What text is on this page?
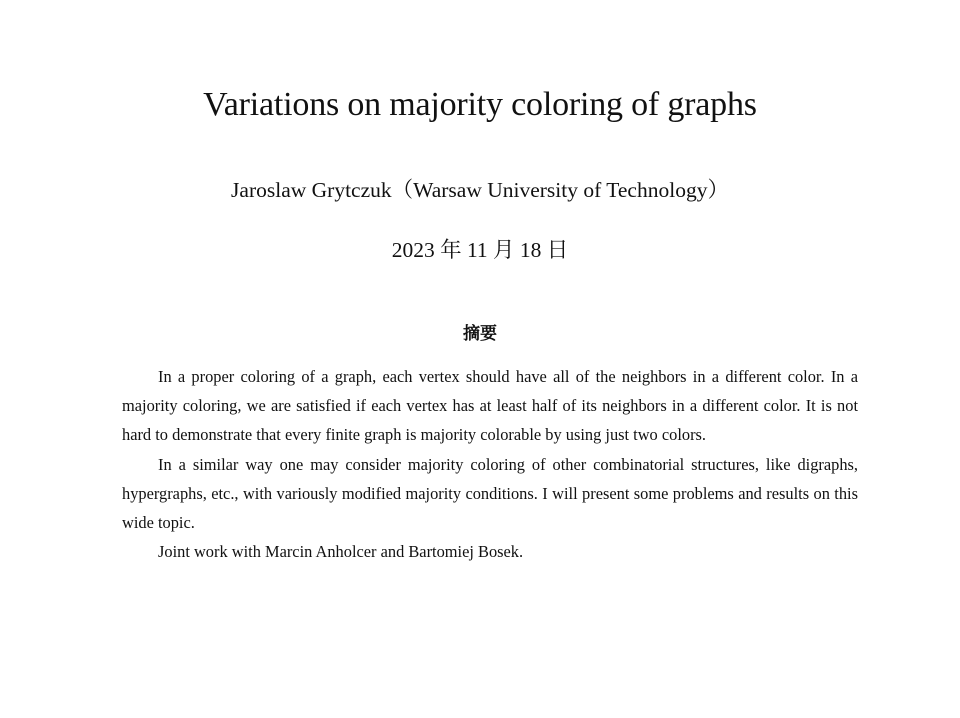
Variations on majority coloring of graphs
Jaroslaw Grytczuk（Warsaw University of Technology）
2023 年 11 月 18 日
摘要

In a proper coloring of a graph, each vertex should have all of the neighbors in a different color. In a majority coloring, we are satisfied if each vertex has at least half of its neighbors in a different color. It is not hard to demonstrate that every finite graph is majority colorable by using just two colors.

In a similar way one may consider majority coloring of other combinatorial structures, like digraphs, hypergraphs, etc., with variously modified majority conditions. I will present some problems and results on this wide topic.

Joint work with Marcin Anholcer and Bartomiej Bosek.
